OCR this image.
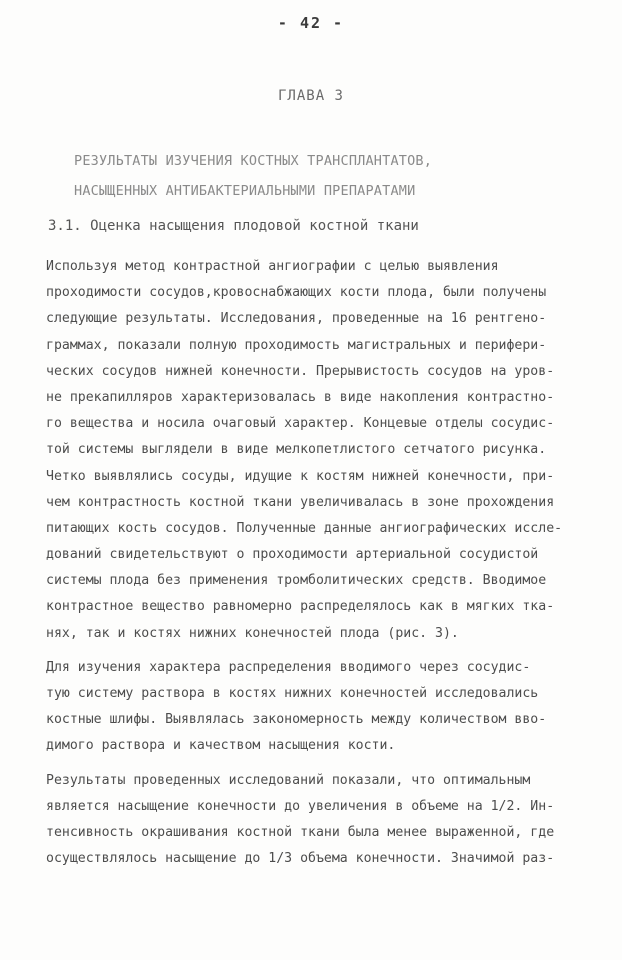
- 42 -
ГЛАВА 3
РЕЗУЛЬТАТЫ ИЗУЧЕНИЯ КОСТНЫХ ТРАНСПЛАНТАТОВ,
НАСЫЩЕННЫХ АНТИБАКТЕРИАЛЬНЫМИ ПРЕПАРАТАМИ
3.1. Оценка насыщения плодовой костной ткани
Используя метод контрастной ангиографии с целью выявления
проходимости сосудов,кровоснабжающих кости плода, были получены
следующие результаты. Исследования, проведенные на 16 рентгено-
граммах, показали полную проходимость магистральных и перифери-
ческих сосудов нижней конечности. Прерывистость сосудов на уров-
не прекапилляров характеризовалась в виде накопления контрастно-
го вещества и носила очаговый характер. Концевые отделы сосудис-
той системы выглядели в виде мелкопетлистого сетчатого рисунка.
Четко выявлялись сосуды, идущие к костям нижней конечности, при-
чем контрастность костной ткани увеличивалась в зоне прохождения
питающих кость сосудов. Полученные данные ангиографических иссле-
дований свидетельствуют о проходимости артериальной сосудистой
системы плода без применения тромболитических средств. Вводимое
контрастное вещество равномерно распределялось как в мягких тка-
нях, так и костях нижних конечностей плода (рис. 3).
Для изучения характера распределения вводимого через сосудис-
тую систему раствора в костях нижних конечностей исследовались
костные шлифы. Выявлялась закономерность между количеством вво-
димого раствора и качеством насыщения кости.
Результаты проведенных исследований показали, что оптимальным
является насыщение конечности до увеличения в объеме на 1/2. Ин-
тенсивность окрашивания костной ткани была менее выраженной, где
осуществлялось насыщение до 1/3 объема конечности. Значимой раз-
